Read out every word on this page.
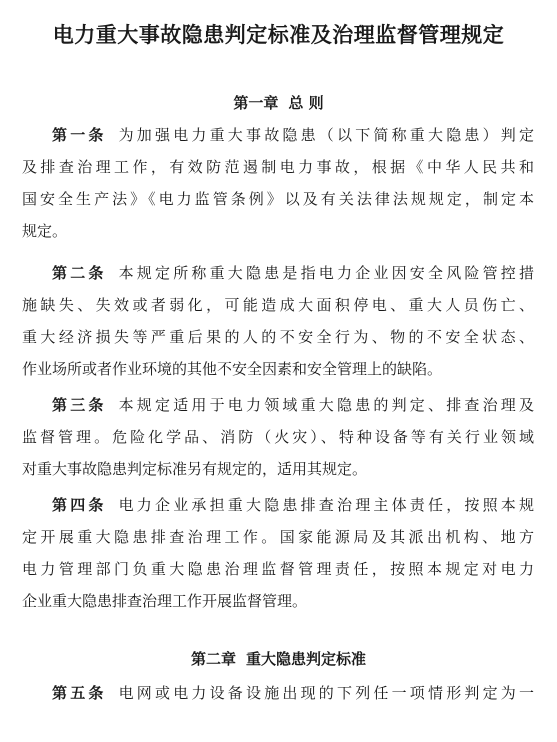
电力重大事故隐患判定标准及治理监督管理规定
第一章 总 则
第一条 为加强电力重大事故隐患（以下简称重大隐患）判定
及排查治理工作，有效防范遏制电力事故，根据《中华人民共和
国安全生产法》《电力监管条例》以及有关法律法规规定，制定本
规定。
第二条 本规定所称重大隐患是指电力企业因安全风险管控措
施缺失、失效或者弱化，可能造成大面积停电、重大人员伤亡、
重大经济损失等严重后果的人的不安全行为、物的不安全状态、
作业场所或者作业环境的其他不安全因素和安全管理上的缺陷。
第三条 本规定适用于电力领域重大隐患的判定、排查治理及
监督管理。危险化学品、消防（火灾）、特种设备等有关行业领域
对重大事故隐患判定标准另有规定的，适用其规定。
第四条 电力企业承担重大隐患排查治理主体责任，按照本规
定开展重大隐患排查治理工作。国家能源局及其派出机构、地方
电力管理部门负重大隐患治理监督管理责任，按照本规定对电力
企业重大隐患排查治理工作开展监督管理。
第二章 重大隐患判定标准
第五条 电网或电力设备设施出现的下列任一项情形判定为一
